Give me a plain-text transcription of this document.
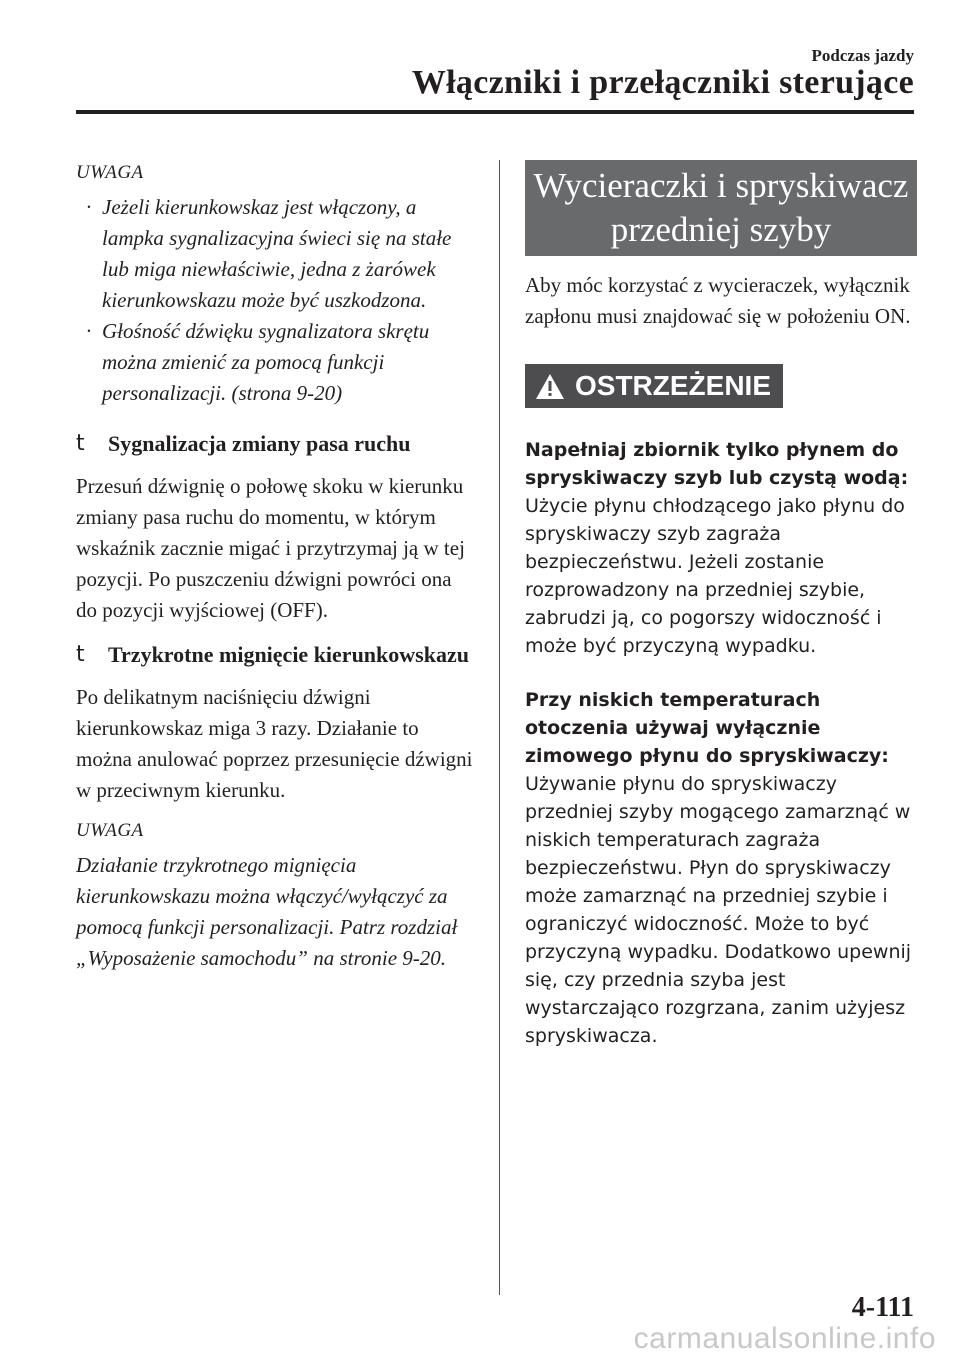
Podczas jazdy
Włączniki i przełączniki sterujące

UWAGA

· Jeżeli kierunkowskaz jest włączony, a lampka sygnalizacyjna świeci się na stałe lub miga niewłaściwie, jedna z żarówek kierunkowskazu może być uszkodzona.
· Głośność dźwięku sygnalizatora skrętu można zmienić za pomocą funkcji personalizacji. (strona 9-20)
t Sygnalizacja zmiany pasa ruchu

Przesuń dźwignię o połowę skoku w kierunku zmiany pasa ruchu do momentu, w którym wskaźnik zacznie migać i przytrzymaj ją w tej pozycji. Po puszczeniu dźwigni powróci ona do pozycji wyjściowej (OFF).

t Trzykrotne mignięcie kierunkowskazu

Po delikatnym naciśnięciu dźwigni kierunkowskaz miga 3 razy. Działanie to można anulować poprzez przesunięcie dźwigni w przeciwnym kierunku.

UWAGA

Działanie trzykrotnego mignięcia kierunkowskazu można włączyć/wyłączyć za pomocą funkcji personalizacji. Patrz rozdział „Wyposażenie samochodu” na stronie 9-20.

Wycieraczki i spryskiwacz
przedniej szyby

Aby móc korzystać z wycieraczek, wyłącznik zapłonu musi znajdować się w położeniu ON.

OSTRZEŻENIE

Napełniaj zbiornik tylko płynem do spryskiwaczy szyb lub czystą wodą:
Użycie płynu chłodzącego jako płynu do spryskiwaczy szyb zagraża bezpieczeństwu. Jeżeli zostanie rozprowadzony na przedniej szybie, zabrudzi ją, co pogorszy widoczność i może być przyczyną wypadku.

Przy niskich temperaturach otoczenia używaj wyłącznie zimowego płynu do spryskiwaczy:
Używanie płynu do spryskiwaczy przedniej szyby mogącego zamarznąć w niskich temperaturach zagraża bezpieczeństwu. Płyn do spryskiwaczy może zamarznąć na przedniej szybie i ograniczyć widoczność. Może to być przyczyną wypadku. Dodatkowo upewnij się, czy przednia szyba jest wystarczająco rozgrzana, zanim użyjesz spryskiwacza.

4-111
carmanualsonline.info
